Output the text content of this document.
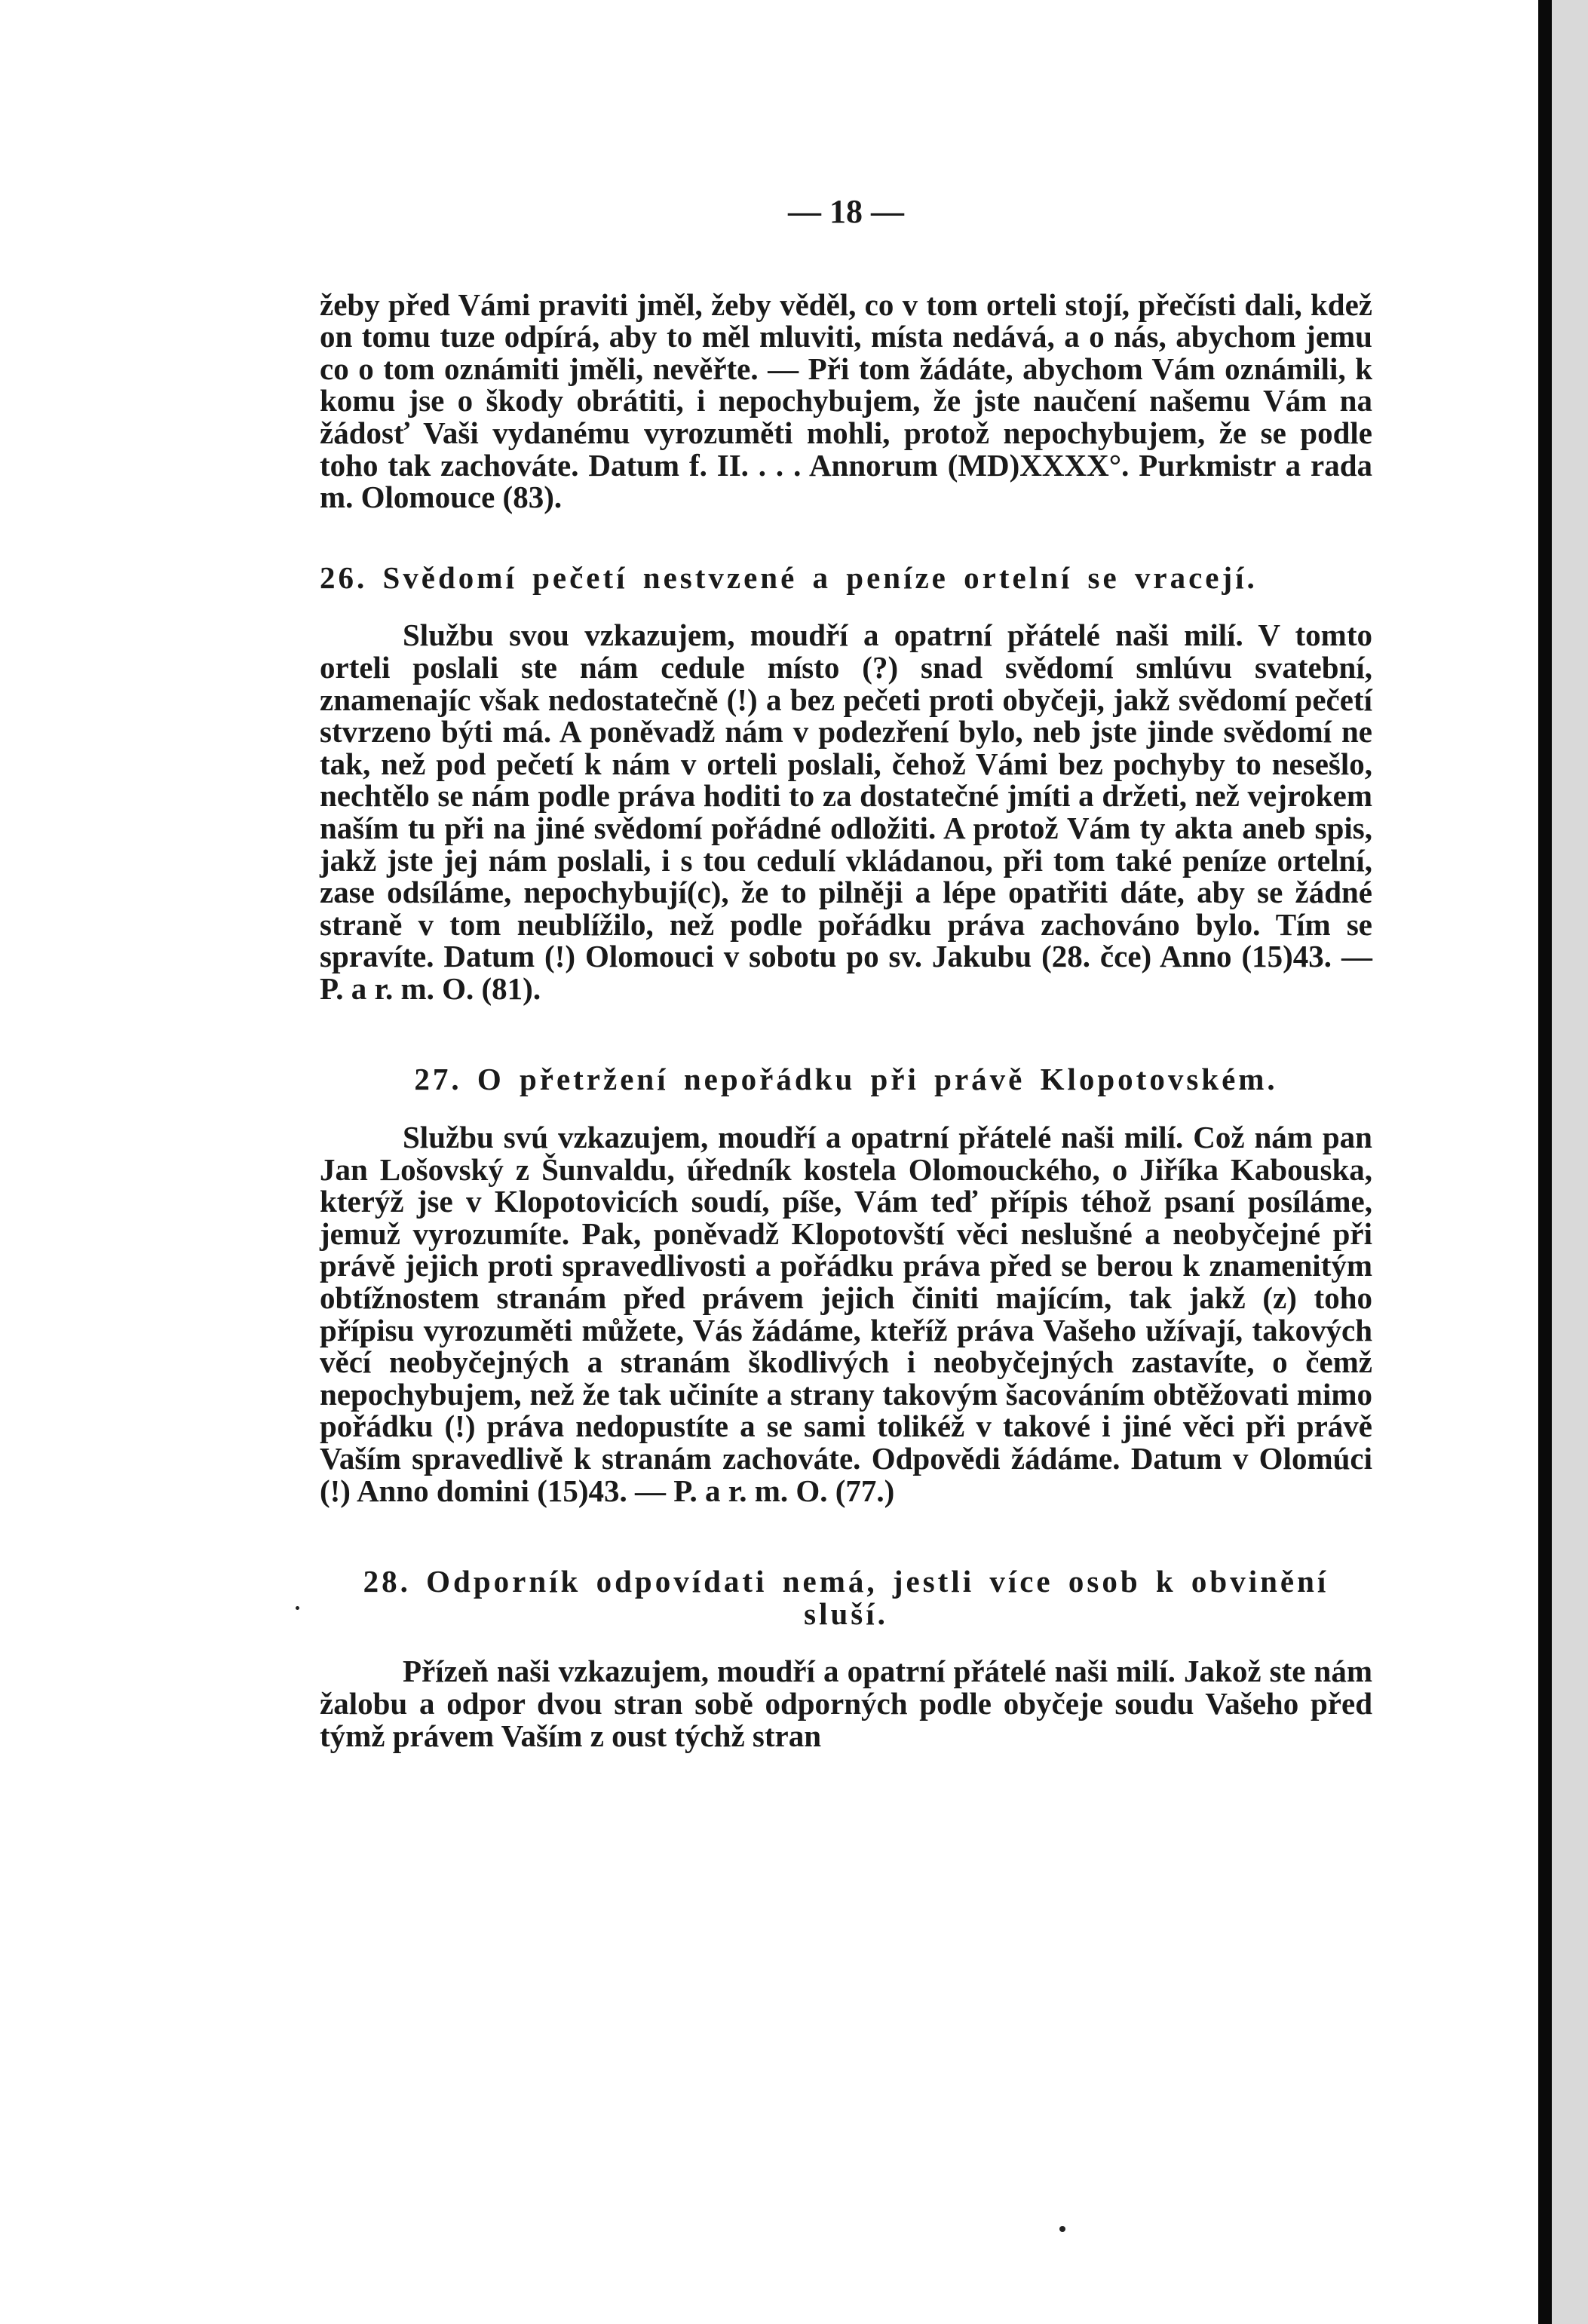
— 18 —

žeby před Vámi praviti jměl, žeby věděl, co v tom orteli stojí, přečísti dali, kdež on tomu tuze odpírá, aby to měl mluviti, místa nedává, a o nás, abychom jemu co o tom oznámiti jměli, nevěřte. — Při tom žádáte, abychom Vám oznámili, k komu jse o škody obrátiti, i nepochybujem, že jste naučení našemu Vám na žádosť Vaši vydanému vyrozuměti mohli, protož nepochybujem, že se podle toho tak zachováte. Datum f. II. . . . Annorum (MD)XXXX°. Purkmistr a rada m. Olomouce (83).

26. Svědomí pečetí nestvzené a peníze ortelní se vracejí.

Službu svou vzkazujem, moudří a opatrní přátelé naši milí. V tomto orteli poslali ste nám cedule místo (?) snad svědomí smlúvu svatební, znamenajíc však nedostatečně (!) a bez pečeti proti obyčeji, jakž svědomí pečetí stvrzeno býti má. A poněvadž nám v podezření bylo, neb jste jinde svědomí ne tak, než pod pečetí k nám v orteli poslali, čehož Vámi bez pochyby to nesešlo, nechtělo se nám podle práva hoditi to za dostatečné jmíti a držeti, než vejrokem naším tu při na jiné svědomí pořádné odložiti. A protož Vám ty akta aneb spis, jakž jste jej nám poslali, i s tou cedulí vkládanou, při tom také peníze ortelní, zase odsíláme, nepochybují(c), že to pilněji a lépe opatřiti dáte, aby se žádné straně v tom neublížilo, než podle pořádku práva zachováno bylo. Tím se spravíte. Datum (!) Olomouci v sobotu po sv. Jakubu (28. čce) Anno (15)43. — P. a r. m. O. (81).

27. O přetržení nepořádku při právě Klopotovském.

Službu svú vzkazujem, moudří a opatrní přátelé naši milí. Což nám pan Jan Lošovský z Šunvaldu, úředník kostela Olomouckého, o Jiříka Kabouska, kterýž jse v Klopotovicích soudí, píše, Vám teď přípis téhož psaní posíláme, jemuž vyrozumíte. Pak, poněvadž Klopotovští věci neslušné a neobyčejné při právě jejich proti spravedlivosti a pořádku práva před se berou k znamenitým obtížnostem stranám před právem jejich činiti majícím, tak jakž (z) toho přípisu vyrozuměti můžete, Vás žádáme, kteříž práva Vašeho užívají, takových věcí neobyčejných a stranám škodlivých i neobyčejných zastavíte, o čemž nepochybujem, než že tak učiníte a strany takovým šacováním obtěžovati mimo pořádku (!) práva nedopustíte a se sami tolikéž v takové i jiné věci při právě Vaším spravedlivě k stranám zachováte. Odpovědi žádáme. Datum v Olomúci (!) Anno domini (15)43. — P. a r. m. O. (77.)

28. Odporník odpovídati nemá, jestli více osob k obvinění sluší.

Přízeň naši vzkazujem, moudří a opatrní přátelé naši milí. Jakož ste nám žalobu a odpor dvou stran sobě odporných podle obyčeje soudu Vašeho před týmž právem Vaším z oust týchž stran
